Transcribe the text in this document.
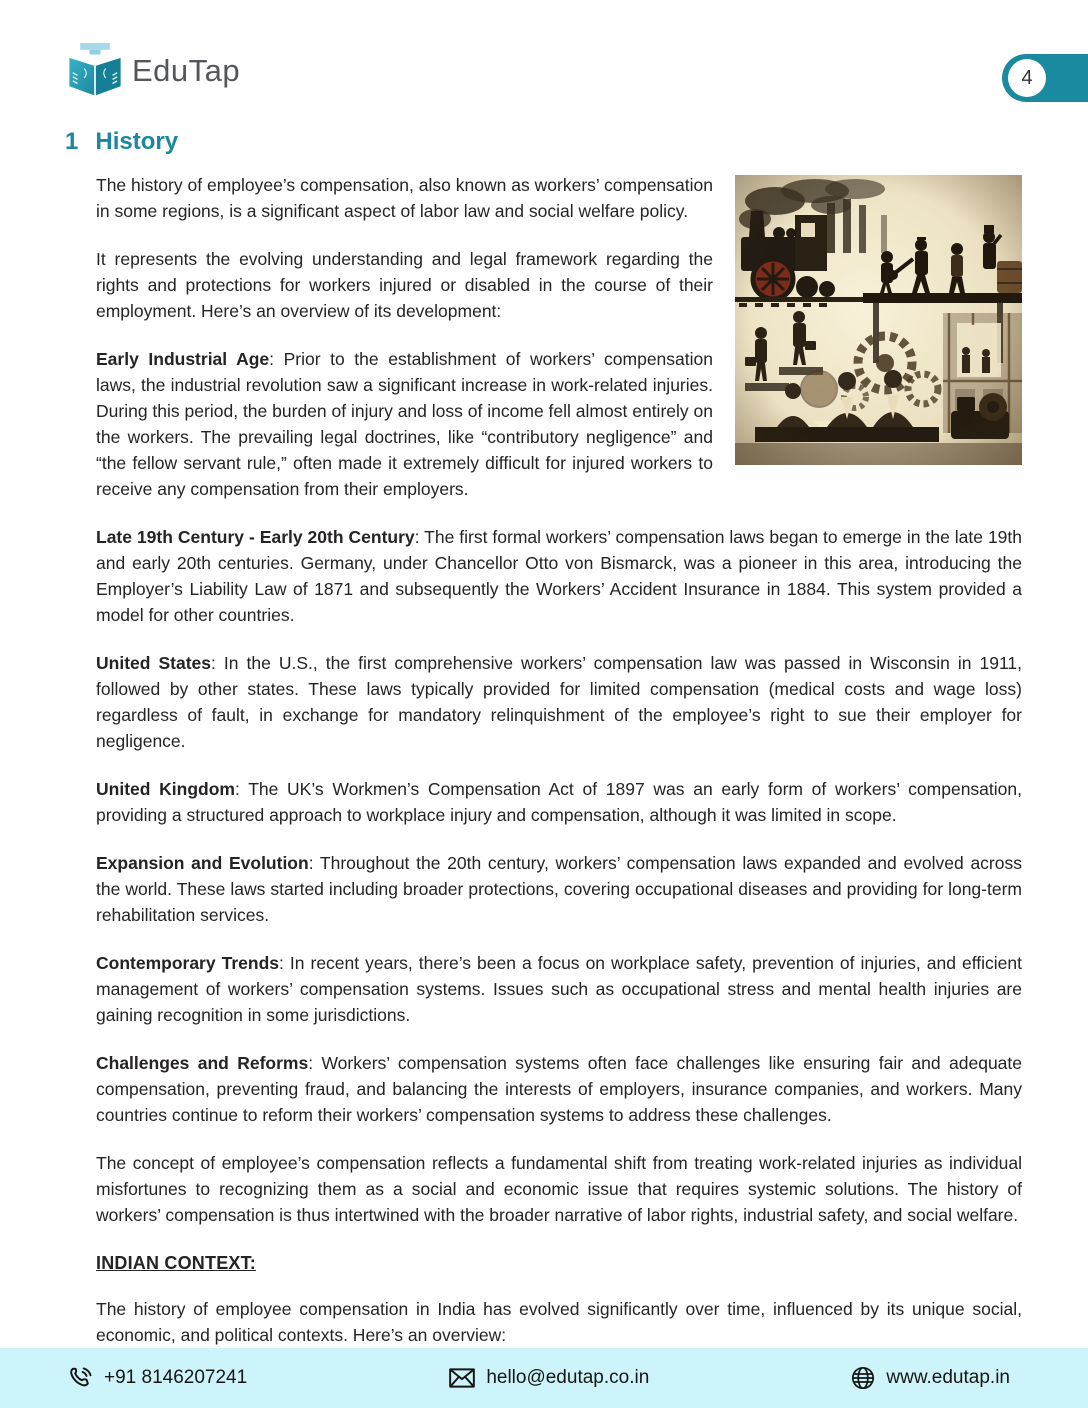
EduTap	4
1 History

The history of employee’s compensation, also known as workers’ compensation in some regions, is a significant aspect of labor law and social welfare policy.

It represents the evolving understanding and legal framework regarding the rights and protections for workers injured or disabled in the course of their employment. Here’s an overview of its development:

Early Industrial Age: Prior to the establishment of workers’ compensation laws, the industrial revolution saw a significant increase in work-related injuries. During this period, the burden of injury and loss of income fell almost entirely on the workers. The prevailing legal doctrines, like “contributory negligence” and “the fellow servant rule,” often made it extremely difficult for injured workers to receive any compensation from their employers.

Late 19th Century - Early 20th Century: The first formal workers’ compensation laws began to emerge in the late 19th and early 20th centuries. Germany, under Chancellor Otto von Bismarck, was a pioneer in this area, introducing the Employer’s Liability Law of 1871 and subsequently the Workers’ Accident Insurance in 1884. This system provided a model for other countries.

United States: In the U.S., the first comprehensive workers’ compensation law was passed in Wisconsin in 1911, followed by other states. These laws typically provided for limited compensation (medical costs and wage loss) regardless of fault, in exchange for mandatory relinquishment of the employee’s right to sue their employer for negligence.

United Kingdom: The UK’s Workmen’s Compensation Act of 1897 was an early form of workers’ compensation, providing a structured approach to workplace injury and compensation, although it was limited in scope.

Expansion and Evolution: Throughout the 20th century, workers’ compensation laws expanded and evolved across the world. These laws started including broader protections, covering occupational diseases and providing for long-term rehabilitation services.

Contemporary Trends: In recent years, there’s been a focus on workplace safety, prevention of injuries, and efficient management of workers’ compensation systems. Issues such as occupational stress and mental health injuries are gaining recognition in some jurisdictions.

Challenges and Reforms: Workers’ compensation systems often face challenges like ensuring fair and adequate compensation, preventing fraud, and balancing the interests of employers, insurance companies, and workers. Many countries continue to reform their workers’ compensation systems to address these challenges.

The concept of employee’s compensation reflects a fundamental shift from treating work-related injuries as individual misfortunes to recognizing them as a social and economic issue that requires systemic solutions. The history of workers’ compensation is thus intertwined with the broader narrative of labor rights, industrial safety, and social welfare.

INDIAN CONTEXT:

The history of employee compensation in India has evolved significantly over time, influenced by its unique social, economic, and political contexts. Here’s an overview:

+91 8146207241	hello@edutap.co.in	www.edutap.in
